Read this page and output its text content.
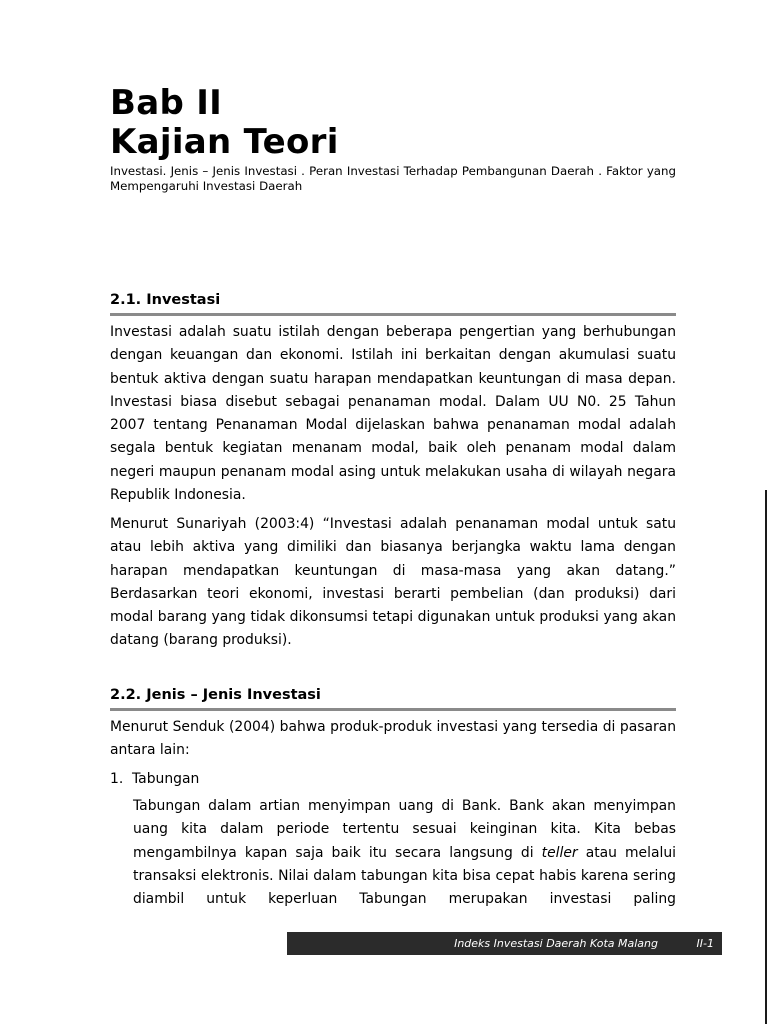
Bab II
Kajian Teori

Investasi. Jenis – Jenis Investasi . Peran Investasi Terhadap Pembangunan Daerah . Faktor yang Mempengaruhi Investasi Daerah

2.1. Investasi

Investasi adalah suatu istilah dengan beberapa pengertian yang berhubungan dengan keuangan dan ekonomi. Istilah ini berkaitan dengan akumulasi suatu bentuk aktiva dengan suatu harapan mendapatkan keuntungan di masa depan. Investasi biasa disebut sebagai penanaman modal. Dalam UU N0. 25 Tahun 2007 tentang Penanaman Modal dijelaskan bahwa penanaman modal adalah segala bentuk kegiatan menanam modal, baik oleh penanam modal dalam negeri maupun penanam modal asing untuk melakukan usaha di wilayah negara Republik Indonesia.

Menurut Sunariyah (2003:4) “Investasi adalah penanaman modal untuk satu atau lebih aktiva yang dimiliki dan biasanya berjangka waktu lama dengan harapan mendapatkan keuntungan di masa-masa yang akan datang.” Berdasarkan teori ekonomi, investasi berarti pembelian (dan produksi) dari modal barang yang tidak dikonsumsi tetapi digunakan untuk produksi yang akan datang (barang produksi).

2.2. Jenis – Jenis Investasi

Menurut Senduk (2004) bahwa produk-produk investasi yang tersedia di pasaran antara lain:

1. Tabungan

Tabungan dalam artian menyimpan uang di Bank. Bank akan menyimpan uang kita dalam periode tertentu sesuai keinginan kita. Kita bebas mengambilnya kapan saja baik itu secara langsung di teller atau melalui transaksi elektronis. Nilai dalam tabungan kita bisa cepat habis karena sering diambil untuk keperluan Tabungan merupakan investasi paling

Indeks Investasi Daerah Kota Malang	II-1
